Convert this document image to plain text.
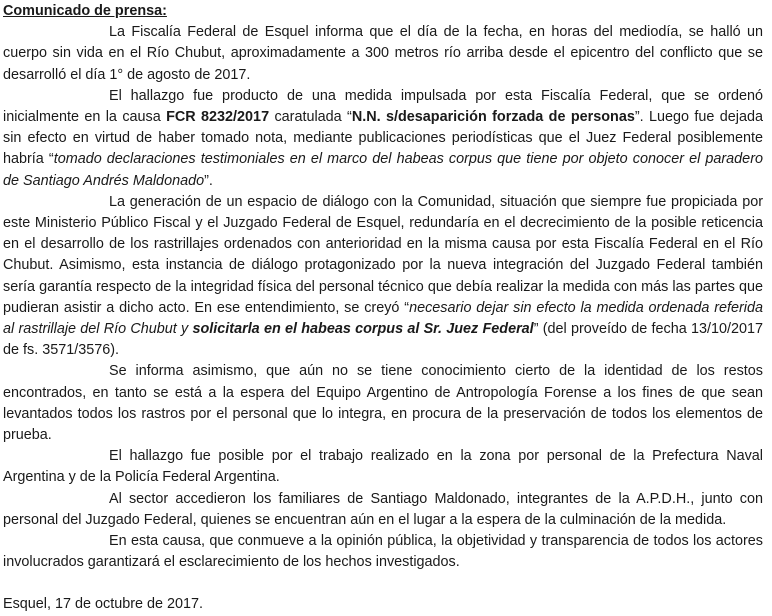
Comunicado de prensa:

La Fiscalía Federal de Esquel informa que el día de la fecha, en horas del mediodía, se halló un cuerpo sin vida en el Río Chubut, aproximadamente a 300 metros río arriba desde el epicentro del conflicto que se desarrolló el día 1° de agosto de 2017.

El hallazgo fue producto de una medida impulsada por esta Fiscalía Federal, que se ordenó inicialmente en la causa FCR 8232/2017 caratulada “N.N. s/desaparición forzada de personas”. Luego fue dejada sin efecto en virtud de haber tomado nota, mediante publicaciones periodísticas que el Juez Federal posiblemente habría “tomado declaraciones testimoniales en el marco del habeas corpus que tiene por objeto conocer el paradero de Santiago Andrés Maldonado”.

La generación de un espacio de diálogo con la Comunidad, situación que siempre fue propiciada por este Ministerio Público Fiscal y el Juzgado Federal de Esquel, redundaría en el decrecimiento de la posible reticencia en el desarrollo de los rastrillajes ordenados con anterioridad en la misma causa por esta Fiscalía Federal en el Río Chubut. Asimismo, esta instancia de diálogo protagonizado por la nueva integración del Juzgado Federal también sería garantía respecto de la integridad física del personal técnico que debía realizar la medida con más las partes que pudieran asistir a dicho acto. En ese entendimiento, se creyó “necesario dejar sin efecto la medida ordenada referida al rastrillaje del Río Chubut y solicitarla en el habeas corpus al Sr. Juez Federal” (del proveído de fecha 13/10/2017 de fs. 3571/3576).

Se informa asimismo, que aún no se tiene conocimiento cierto de la identidad de los restos encontrados, en tanto se está a la espera del Equipo Argentino de Antropología Forense a los fines de que sean levantados todos los rastros por el personal que lo integra, en procura de la preservación de todos los elementos de prueba.

El hallazgo fue posible por el trabajo realizado en la zona por personal de la Prefectura Naval Argentina y de la Policía Federal Argentina.

Al sector accedieron los familiares de Santiago Maldonado, integrantes de la A.P.D.H., junto con personal del Juzgado Federal, quienes se encuentran aún en el lugar a la espera de la culminación de la medida.

En esta causa, que conmueve a la opinión pública, la objetividad y transparencia de todos los actores involucrados garantizará el esclarecimiento de los hechos investigados.

Esquel, 17 de octubre de 2017.
